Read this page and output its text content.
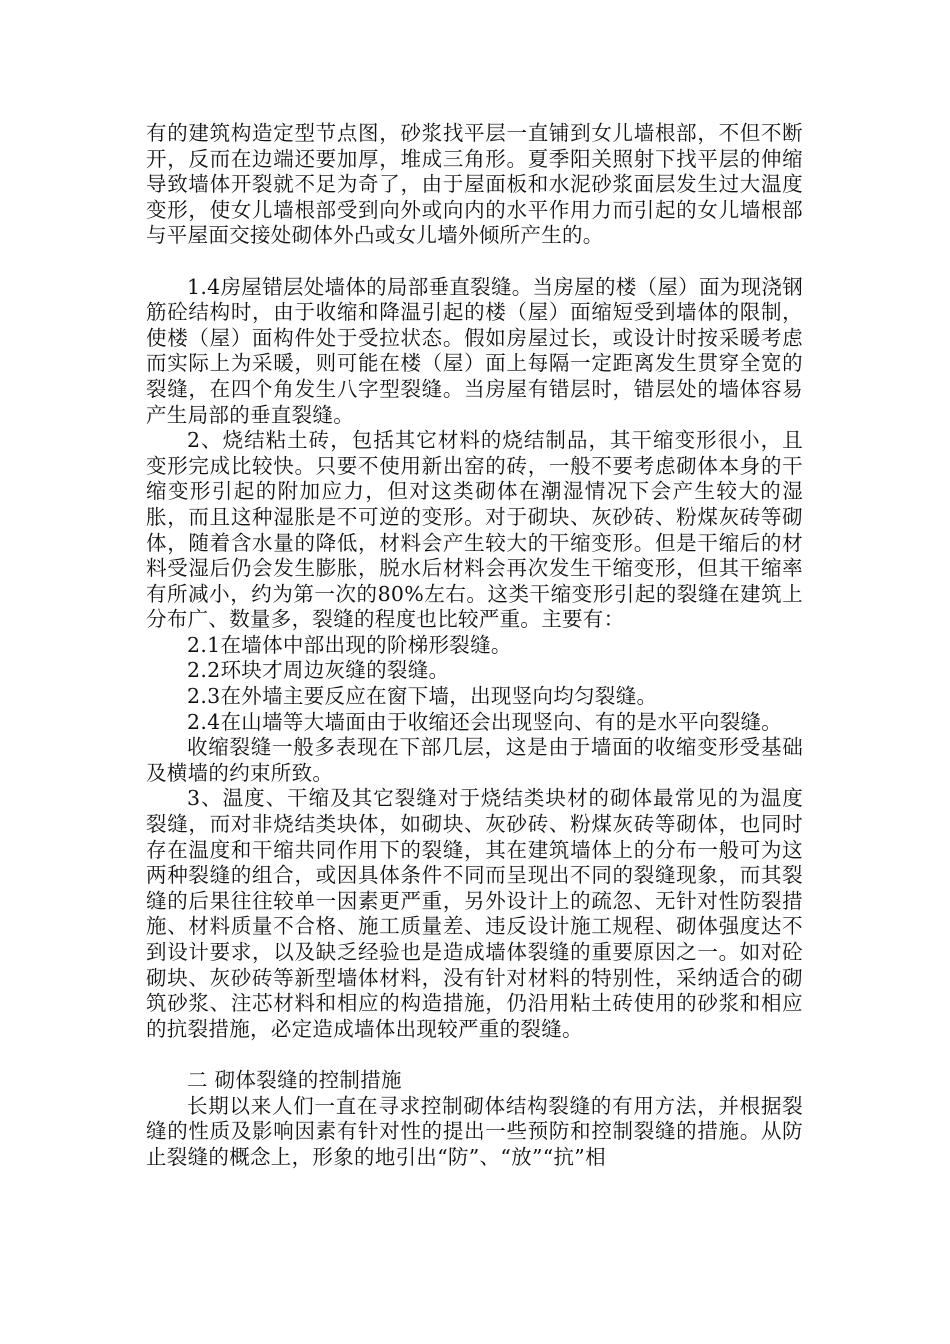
有的建筑构造定型节点图，砂浆找平层一直铺到女儿墙根部，不但不断开，反而在边端还要加厚，堆成三角形。夏季阳关照射下找平层的伸缩导致墙体开裂就不足为奇了，由于屋面板和水泥砂浆面层发生过大温度变形，使女儿墙根部受到向外或向内的水平作用力而引起的女儿墙根部与平屋面交接处砌体外凸或女儿墙外倾所产生的。

1.4房屋错层处墙体的局部垂直裂缝。当房屋的楼（屋）面为现浇钢筋砼结构时，由于收缩和降温引起的楼（屋）面缩短受到墙体的限制，使楼（屋）面构件处于受拉状态。假如房屋过长，或设计时按采暖考虑而实际上为采暖，则可能在楼（屋）面上每隔一定距离发生贯穿全宽的裂缝，在四个角发生八字型裂缝。当房屋有错层时，错层处的墙体容易产生局部的垂直裂缝。

2、烧结粘土砖，包括其它材料的烧结制品，其干缩变形很小，且变形完成比较快。只要不使用新出窑的砖，一般不要考虑砌体本身的干缩变形引起的附加应力，但对这类砌体在潮湿情况下会产生较大的湿胀，而且这种湿胀是不可逆的变形。对于砌块、灰砂砖、粉煤灰砖等砌体，随着含水量的降低，材料会产生较大的干缩变形。但是干缩后的材料受湿后仍会发生膨胀，脱水后材料会再次发生干缩变形，但其干缩率有所减小，约为第一次的80%左右。这类干缩变形引起的裂缝在建筑上分布广、数量多，裂缝的程度也比较严重。主要有：

2.1在墙体中部出现的阶梯形裂缝。

2.2环块才周边灰缝的裂缝。

2.3在外墙主要反应在窗下墙，出现竖向均匀裂缝。

2.4在山墙等大墙面由于收缩还会出现竖向、有的是水平向裂缝。

收缩裂缝一般多表现在下部几层，这是由于墙面的收缩变形受基础及横墙的约束所致。

3、温度、干缩及其它裂缝对于烧结类块材的砌体最常见的为温度裂缝，而对非烧结类块体，如砌块、灰砂砖、粉煤灰砖等砌体，也同时存在温度和干缩共同作用下的裂缝，其在建筑墙体上的分布一般可为这两种裂缝的组合，或因具体条件不同而呈现出不同的裂缝现象，而其裂缝的后果往往较单一因素更严重，另外设计上的疏忽、无针对性防裂措施、材料质量不合格、施工质量差、违反设计施工规程、砌体强度达不到设计要求，以及缺乏经验也是造成墙体裂缝的重要原因之一。如对砼砌块、灰砂砖等新型墙体材料，没有针对材料的特别性，采纳适合的砌筑砂浆、注芯材料和相应的构造措施，仍沿用粘土砖使用的砂浆和相应的抗裂措施，必定造成墙体出现较严重的裂缝。

二 砌体裂缝的控制措施

长期以来人们一直在寻求控制砌体结构裂缝的有用方法，并根据裂缝的性质及影响因素有针对性的提出一些预防和控制裂缝的措施。从防止裂缝的概念上，形象的地引出“防”、“放”“抗”相
